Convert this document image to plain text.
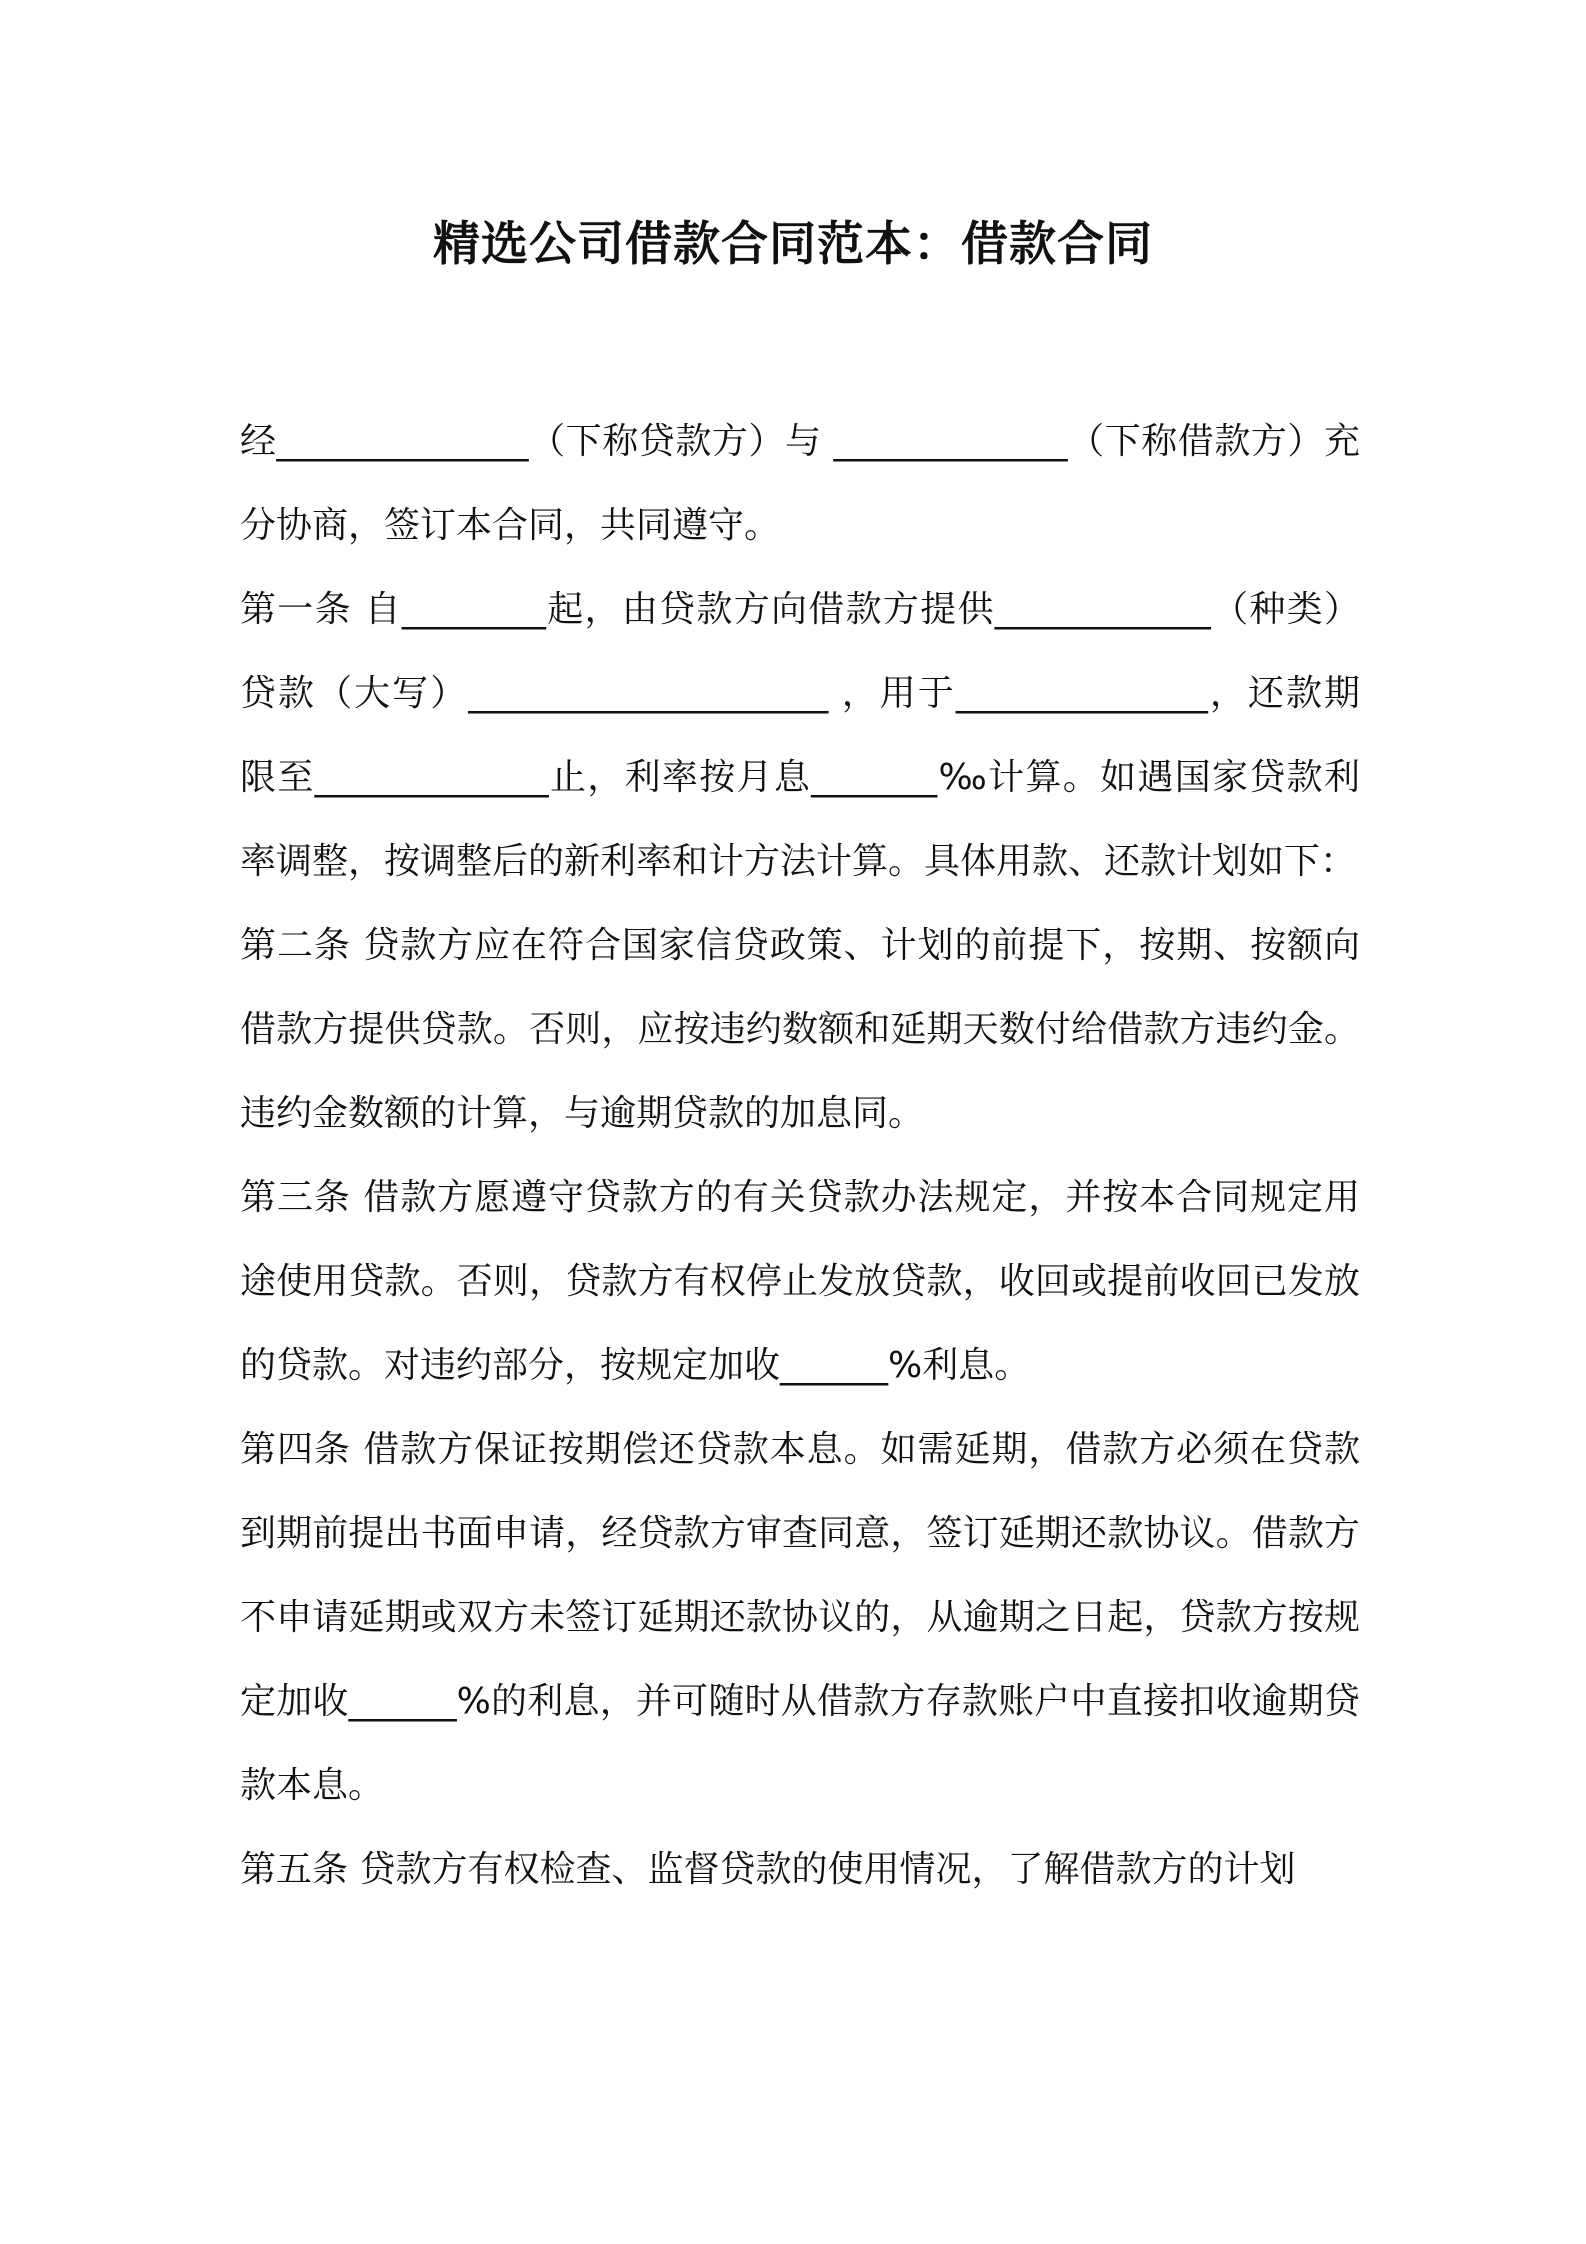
精选公司借款合同范本：借款合同

经______________（下称贷款方）与 _____________（下称借款方）充分协商，签订本合同，共同遵守。

第一条 自________起，由贷款方向借款方提供____________（种类）贷款（大写）____________________ ，用于______________，还款期限至_____________止，利率按月息_______‰计算。如遇国家贷款利率调整，按调整后的新利率和计方法计算。具体用款、还款计划如下：

第二条 贷款方应在符合国家信贷政策、计划的前提下，按期、按额向借款方提供贷款。否则，应按违约数额和延期天数付给借款方违约金。违约金数额的计算，与逾期贷款的加息同。

第三条 借款方愿遵守贷款方的有关贷款办法规定，并按本合同规定用途使用贷款。否则，贷款方有权停止发放贷款，收回或提前收回已发放的贷款。对违约部分，按规定加收______%利息。

第四条 借款方保证按期偿还贷款本息。如需延期，借款方必须在贷款到期前提出书面申请，经贷款方审查同意，签订延期还款协议。借款方不申请延期或双方未签订延期还款协议的，从逾期之日起，贷款方按规定加收______%的利息，并可随时从借款方存款账户中直接扣收逾期贷款本息。

第五条 贷款方有权检查、监督贷款的使用情况，了解借款方的计划
